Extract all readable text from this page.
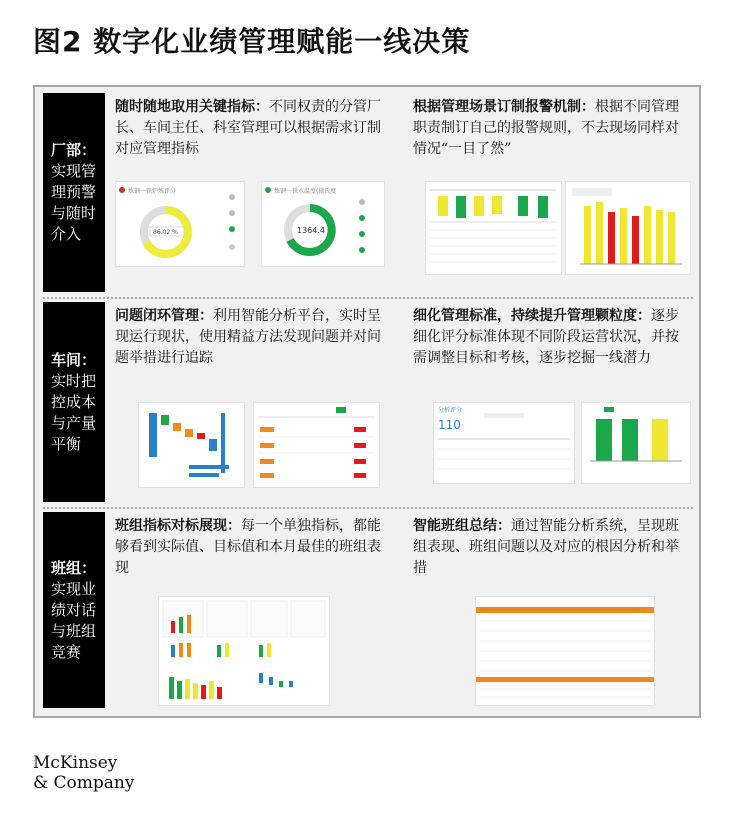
图2 数字化业绩管理赋能一线决策
厂部：
实现管理预警与随时介入
随时随地取用关键指标：不同权责的分管厂长、车间主任、科室管理可以根据需求订制对应管理指标
根据管理场景订制报警机制：根据不同管理职责制订自己的报警规则，不去现场同样对情况“一目了然”
炼钢一铁炉炼评分
86.02 %
炼钢一铁水温度(摄氏度
1364.4
车间：
实时把控成本与产量平衡
问题闭环管理：利用智能分析平台，实时呈现运行现状，使用精益方法发现问题并对问题举措进行追踪
细化管理标准，持续提升管理颗粒度：逐步细化评分标准体现不同阶段运营状况，并按需调整目标和考核，逐步挖掘一线潜力
分析评分
110
班组：
实现业绩对话与班组竞赛
班组指标对标展现：每一个单独指标，都能够看到实际值、目标值和本月最佳的班组表现
智能班组总结：通过智能分析系统，呈现班组表现、班组问题以及对应的根因分析和举措
McKinsey
& Company
